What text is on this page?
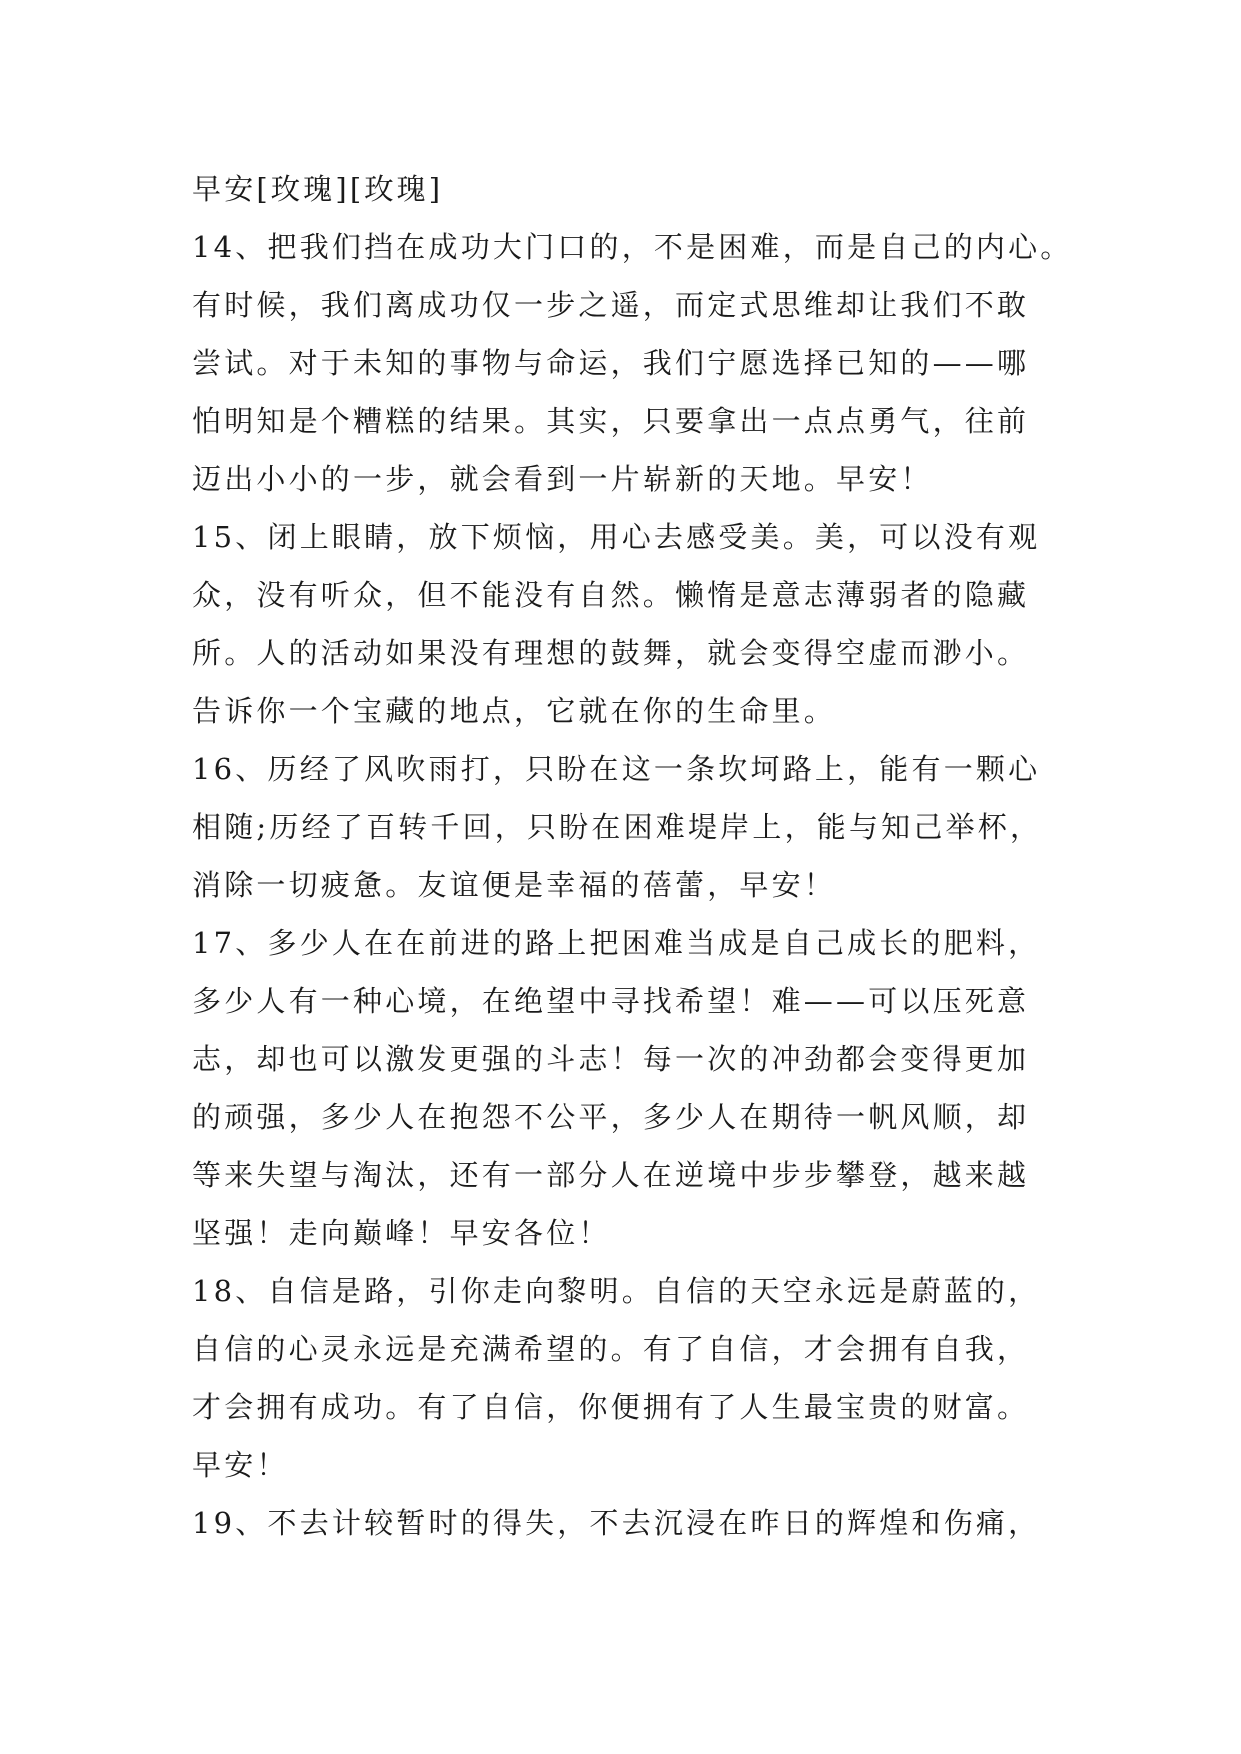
早安[玫瑰][玫瑰]
14、把我们挡在成功大门口的，不是困难，而是自己的内心。
有时候，我们离成功仅一步之遥，而定式思维却让我们不敢
尝试。对于未知的事物与命运，我们宁愿选择已知的——哪
怕明知是个糟糕的结果。其实，只要拿出一点点勇气，往前
迈出小小的一步，就会看到一片崭新的天地。早安！
15、闭上眼睛，放下烦恼，用心去感受美。美，可以没有观
众，没有听众，但不能没有自然。懒惰是意志薄弱者的隐藏
所。人的活动如果没有理想的鼓舞，就会变得空虚而渺小。
告诉你一个宝藏的地点，它就在你的生命里。
16、历经了风吹雨打，只盼在这一条坎坷路上，能有一颗心
相随;历经了百转千回，只盼在困难堤岸上，能与知己举杯，
消除一切疲惫。友谊便是幸福的蓓蕾，早安！
17、多少人在在前进的路上把困难当成是自己成长的肥料，
多少人有一种心境，在绝望中寻找希望！难——可以压死意
志，却也可以激发更强的斗志！每一次的冲劲都会变得更加
的顽强，多少人在抱怨不公平，多少人在期待一帆风顺，却
等来失望与淘汰，还有一部分人在逆境中步步攀登，越来越
坚强！走向巅峰！早安各位！
18、自信是路，引你走向黎明。自信的天空永远是蔚蓝的，
自信的心灵永远是充满希望的。有了自信，才会拥有自我，
才会拥有成功。有了自信，你便拥有了人生最宝贵的财富。
早安！
19、不去计较暂时的得失，不去沉浸在昨日的辉煌和伤痛，
